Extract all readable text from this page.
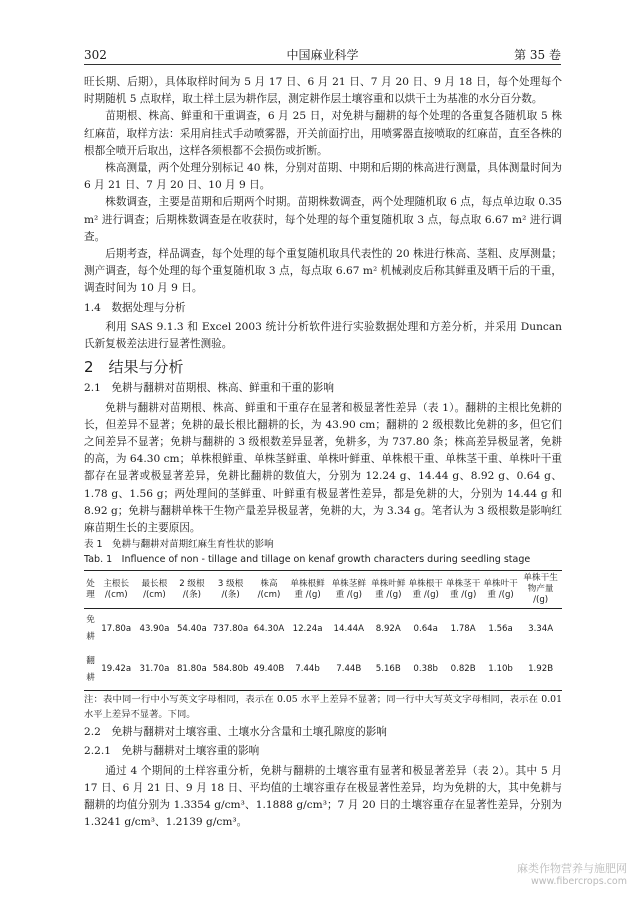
302	中国麻业科学	第 35 卷

旺长期、后期），具体取样时间为 5 月 17 日、6 月 21 日、7 月 20 日、9 月 18 日，每个处理每个时期随机 5 点取样，取土样土层为耕作层，测定耕作层土壤容重和以烘干土为基准的水分百分数。

苗期根、株高、鲜重和干重调查，6 月 25 日，对免耕与翻耕的每个处理的各重复各随机取 5 株红麻苗，取样方法：采用肩挂式手动喷雾器，开关前面拧出，用喷雾器直接喷取的红麻苗，直至各株的根都全喷开后取出，这样各须根都不会损伤或折断。

株高测量，两个处理分别标记 40 株，分别对苗期、中期和后期的株高进行测量，具体测量时间为 6 月 21 日、7 月 20 日、10 月 9 日。

株数调查，主要是苗期和后期两个时期。苗期株数调查，两个处理随机取 6 点，每点单边取 0.35 m² 进行调查；后期株数调查是在收获时，每个处理的每个重复随机取 3 点，每点取 6.67 m² 进行调查。

后期考查，样品调查，每个处理的每个重复随机取具代表性的 20 株进行株高、茎粗、皮厚测量；测产调查，每个处理的每个重复随机取 3 点，每点取 6.67 m² 机械剥皮后称其鲜重及晒干后的干重，调查时间为 10 月 9 日。

1.4　数据处理与分析

利用 SAS 9.1.3 和 Excel 2003 统计分析软件进行实验数据处理和方差分析，并采用 Duncan 氏新复极差法进行显著性测验。

2　结果与分析

2.1　免耕与翻耕对苗期根、株高、鲜重和干重的影响

免耕与翻耕对苗期根、株高、鲜重和干重存在显著和极显著性差异（表 1）。翻耕的主根比免耕的长，但差异不显著；免耕的最长根比翻耕的长，为 43.90 cm；翻耕的 2 级根数比免耕的多，但它们之间差异不显著；免耕与翻耕的 3 级根数差异显著，免耕多，为 737.80 条；株高差异极显著，免耕的高，为 64.30 cm；单株根鲜重、单株茎鲜重、单株叶鲜重、单株根干重、单株茎干重、单株叶干重都存在显著或极显著差异，免耕比翻耕的数值大，分别为 12.24 g、14.44 g、8.92 g、0.64 g、1.78 g、1.56 g；两处理间的茎鲜重、叶鲜重有极显著性差异，都是免耕的大，分别为 14.44 g 和 8.92 g；免耕与翻耕单株干生物产量差异极显著，免耕的大，为 3.34 g。笔者认为 3 级根数是影响红麻苗期生长的主要原因。

表 1　免耕与翻耕对苗期红麻生育性状的影响
Tab. 1　Influence of non - tillage and tillage on kenaf growth characters during seedling stage
处理	主根长 /(cm)	最长根 /(cm)	2 级根 /(条)	3 级根 /(条)	株高 /(cm)	单株根鲜重 /(g)	单株茎鲜重 /(g)	单株叶鲜重 /(g)	单株根干重 /(g)	单株茎干重 /(g)	单株叶干重 /(g)	单株干生物产量 /(g)
免耕	17.80a	43.90a	54.40a	737.80a	64.30A	12.24a	14.44A	8.92A	0.64a	1.78A	1.56a	3.34A
翻耕	19.42a	31.70a	81.80a	584.80b	49.40B	7.44b	7.44B	5.16B	0.38b	0.82B	1.10b	1.92B

注：表中同一行中小写英文字母相同，表示在 0.05 水平上差异不显著；同一行中大写英文字母相同，表示在 0.01 水平上差异不显著。下同。

2.2　免耕与翻耕对土壤容重、土壤水分含量和土壤孔隙度的影响

2.2.1　免耕与翻耕对土壤容重的影响

通过 4 个期间的土样容重分析，免耕与翻耕的土壤容重有显著和极显著差异（表 2）。其中 5 月 17 日、6 月 21 日、9 月 18 日、平均值的土壤容重存在极显著性差异，均为免耕的大，其中免耕与翻耕的均值分别为 1.3354 g/cm³、1.1888 g/cm³；7 月 20 日的土壤容重存在显著性差异，分别为 1.3241 g/cm³、1.2139 g/cm³。

麻类作物营养与施肥网
www.fibercrops.com
